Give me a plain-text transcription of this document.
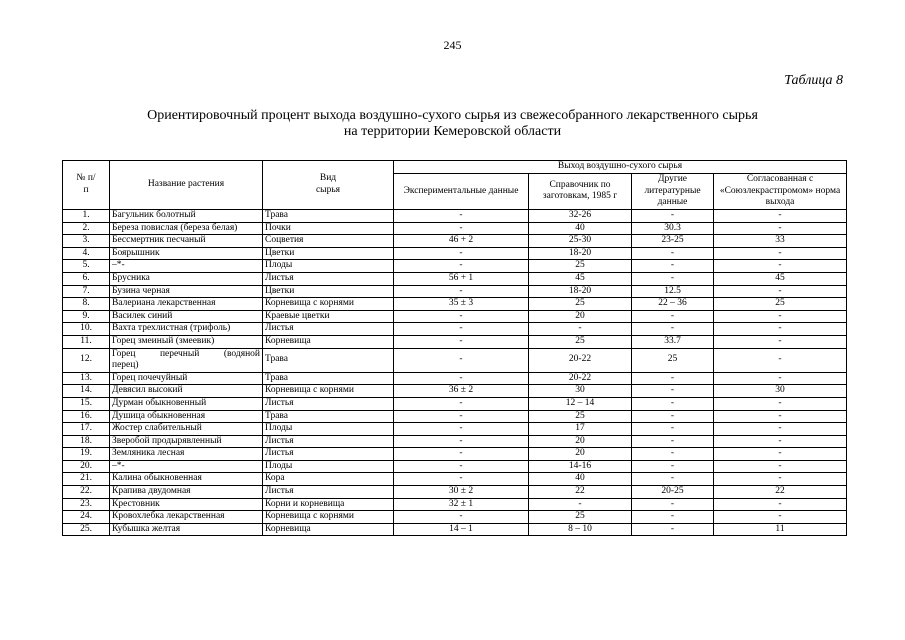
245
Таблица 8
Ориентировочный процент выхода воздушно-сухого сырья из свежесобранного лекарственного сырья
на территории Кемеровской области
№ п/п	Название растения	Вид сырья	Выход воздушно-сухого сырья			
			Экспериментальные данные	Справочник по заготовкам, 1985 г	Другие литературные данные	Согласованная с «Союзлекрастпромом» норма выхода
1.	Багульник болотный	Трава	-	32-26	-	-
2.	Береза повислая (береза белая)	Почки	-	40	30.3	-
3.	Бессмертник песчаный	Соцветия	46 + 2	25-30	23-25	33
4.	Боярышник	Цветки	-	18-20	-	-
5.	–*-	Плоды	-	25	-	-
6.	Брусника	Листья	56 + 1	45	-	45
7.	Бузина черная	Цветки	-	18-20	12.5	-
8.	Валериана лекарственная	Корневища с корнями	35 ± 3	25	22 – 36	25
9.	Василек синий	Краевые цветки	-	20	-	-
10.	Вахта трехлистная (трифоль)	Листья	-	-	-	-
11.	Горец змеиный (змеевик)	Корневища	-	25	33.7	-
12.	Горец перечный (водяной
перец)	Трава	-	20-22	25	-
13.	Горец почечуйный	Трава	-	20-22	-	-
14.	Девясил высокий	Корневища с корнями	36 ± 2	30	-	30
15.	Дурман обыкновенный	Листья	-	12 – 14	-	-
16.	Душица обыкновенная	Трава	-	25	-	-
17.	Жостер слабительный	Плоды	-	17	-	-
18.	Зверобой продырявленный	Листья	-	20	-	-
19.	Земляника лесная	Листья	-	20	-	-
20.	–*-	Плоды	-	14-16	-	-
21.	Калина обыкновенная	Кора	-	40	-	-
22.	Крапива двудомная	Листья	30 ± 2	22	20-25	22
23.	Крестовник	Корни и корневища	32 ± 1	-	-	-
24.	Кровохлебка лекарственная	Корневища с корнями	-	25	-	-
25.	Кубышка желтая	Корневища	14 – 1	8 – 10	-	11
